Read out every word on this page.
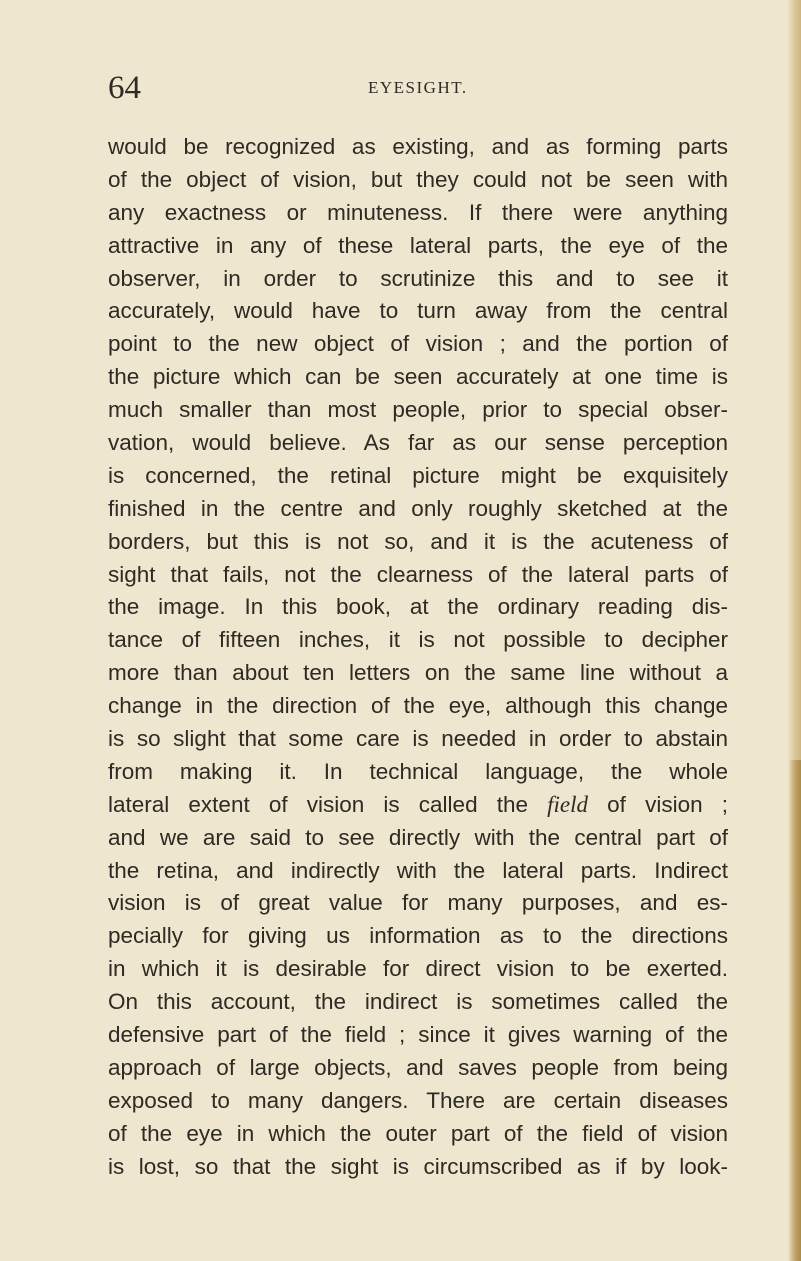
64	EYESIGHT.
would be recognized as existing, and as forming parts
of the object of vision, but they could not be seen with
any exactness or minuteness. If there were anything
attractive in any of these lateral parts, the eye of the
observer, in order to scrutinize this and to see it
accurately, would have to turn away from the central
point to the new object of vision ; and the portion of
the picture which can be seen accurately at one time is
much smaller than most people, prior to special obser-
vation, would believe. As far as our sense perception
is concerned, the retinal picture might be exquisitely
finished in the centre and only roughly sketched at the
borders, but this is not so, and it is the acuteness of
sight that fails, not the clearness of the lateral parts of
the image. In this book, at the ordinary reading dis-
tance of fifteen inches, it is not possible to decipher
more than about ten letters on the same line without a
change in the direction of the eye, although this change
is so slight that some care is needed in order to abstain
from making it. In technical language, the whole
lateral extent of vision is called the field of vision ;
and we are said to see directly with the central part of
the retina, and indirectly with the lateral parts. Indirect
vision is of great value for many purposes, and es-
pecially for giving us information as to the directions
in which it is desirable for direct vision to be exerted.
On this account, the indirect is sometimes called the
defensive part of the field ; since it gives warning of the
approach of large objects, and saves people from being
exposed to many dangers. There are certain diseases
of the eye in which the outer part of the field of vision
is lost, so that the sight is circumscribed as if by look-
